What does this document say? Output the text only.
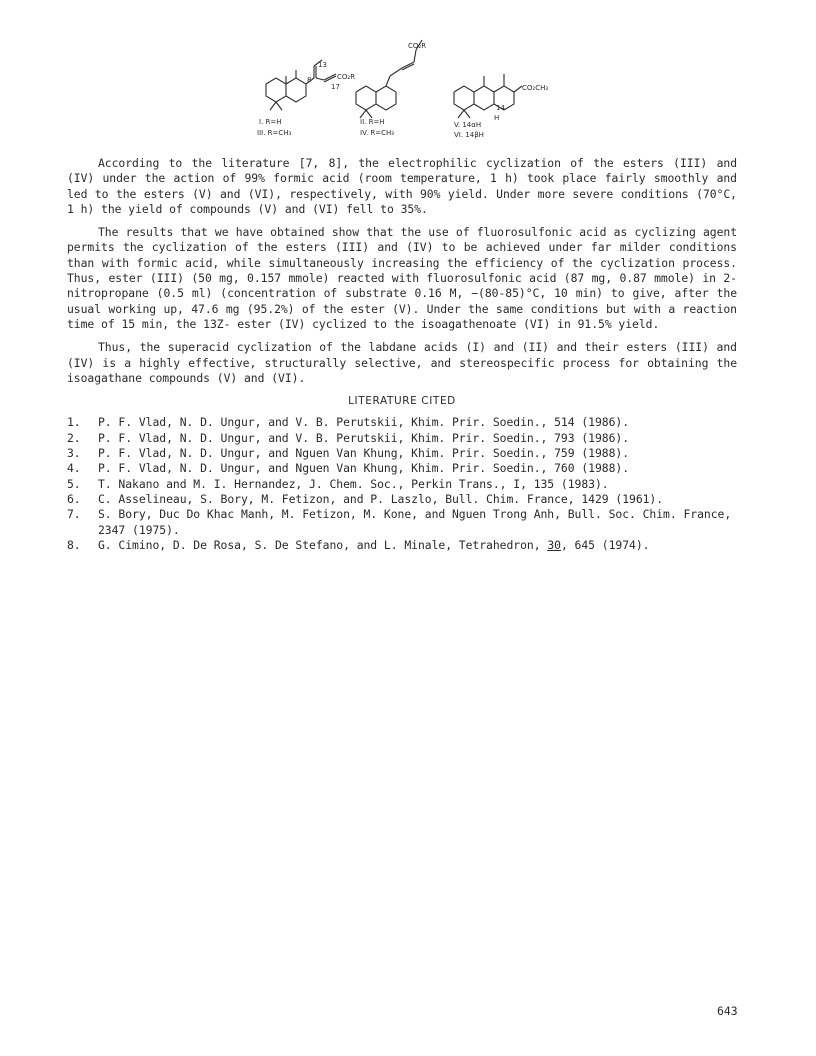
CO₂R
8
13
17
I. R=H
III. R=CH₃
CO₂R
II. R=H
IV. R=CH₃
CO₂CH₃
14
H
V. 14αH
VI. 14βH

According to the literature [7, 8], the electrophilic cyclization of the esters (III) and (IV) under the action of 99% formic acid (room temperature, 1 h) took place fairly smoothly and led to the esters (V) and (VI), respectively, with 90% yield. Under more severe conditions (70°C, 1 h) the yield of compounds (V) and (VI) fell to 35%.

The results that we have obtained show that the use of fluorosulfonic acid as cyclizing agent permits the cyclization of the esters (III) and (IV) to be achieved under far milder conditions than with formic acid, while simultaneously increasing the efficiency of the cyclization process. Thus, ester (III) (50 mg, 0.157 mmole) reacted with fluorosulfonic acid (87 mg, 0.87 mmole) in 2-nitropropane (0.5 ml) (concentration of substrate 0.16 M, −(80-85)°C, 10 min) to give, after the usual working up, 47.6 mg (95.2%) of the ester (V). Under the same conditions but with a reaction time of 15 min, the 13Z- ester (IV) cyclized to the isoagathenoate (VI) in 91.5% yield.

Thus, the superacid cyclization of the labdane acids (I) and (II) and their esters (III) and (IV) is a highly effective, structurally selective, and stereospecific process for obtaining the isoagathane compounds (V) and (VI).

LITERATURE CITED
1.	P. F. Vlad, N. D. Ungur, and V. B. Perutskii, Khim. Prir. Soedin., 514 (1986).
2.	P. F. Vlad, N. D. Ungur, and V. B. Perutskii, Khim. Prir. Soedin., 793 (1986).
3.	P. F. Vlad, N. D. Ungur, and Nguen Van Khung, Khim. Prir. Soedin., 759 (1988).
4.	P. F. Vlad, N. D. Ungur, and Nguen Van Khung, Khim. Prir. Soedin., 760 (1988).
5.	T. Nakano and M. I. Hernandez, J. Chem. Soc., Perkin Trans., I, 135 (1983).
6.	C. Asselineau, S. Bory, M. Fetizon, and P. Laszlo, Bull. Chim. France, 1429 (1961).
7.	S. Bory, Duc Do Khac Manh, M. Fetizon, M. Kone, and Nguen Trong Anh, Bull. Soc. Chim. France, 2347 (1975).
8.	G. Cimino, D. De Rosa, S. De Stefano, and L. Minale, Tetrahedron, 30, 645 (1974).
643
